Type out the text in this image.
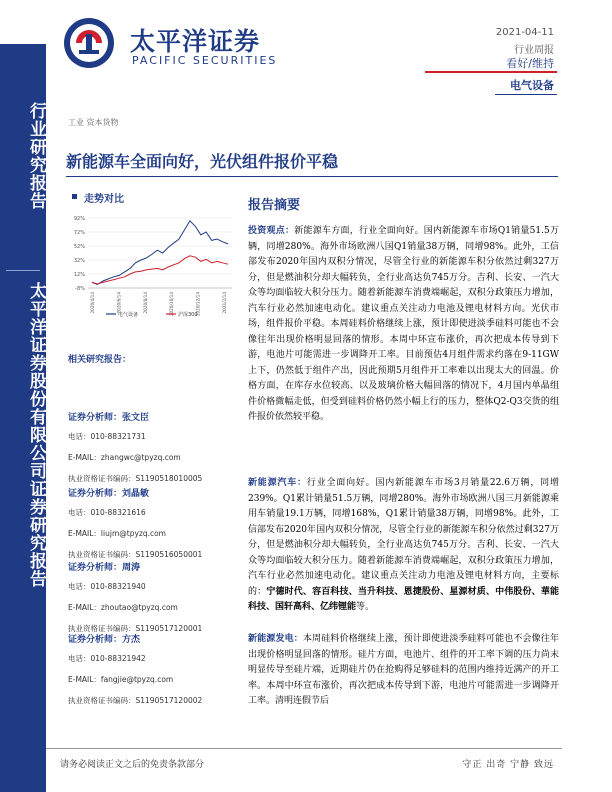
行业研究报告
太平洋证券股份有限公司证券研究报告
太平洋证券
PACIFIC SECURITIES
2021-04-11
行业周报
看好/维持
电气设备
工业 资本货物
新能源车全面向好，光伏组件报价平稳
走势对比
92%
72%
52%
32%
12%
-8%
2020/4/14	2020/6/14	2020/8/14	2020/10/14	2020/12/14	2021/2/14
电气设备	沪深300
相关研究报告：
证券分析师：张文臣
电话：010-88321731
E-MAIL：zhangwc@tpyzq.com
执业资格证书编码：S1190518010005
证券分析师：刘晶敏
电话：010-88321616
E-MAIL：liujm@tpyzq.com
执业资格证书编码：S1190516050001
证券分析师：周涛
电话：010-88321940
E-MAIL：zhoutao@tpyzq.com
执业资格证书编码：S1190517120001
证券分析师：方杰
电话：010-88321942
E-MAIL：fangjie@tpyzq.com
执业资格证书编码：S1190517120002
报告摘要
投资观点：新能源车方面，行业全面向好。国内新能源车市场Q1销量51.5万辆，同增280%。海外市场欧洲八国Q1销量38万辆，同增98%。此外，工信部发布2020年国内双积分情况，尽管全行业的新能源车积分依然过剩327万分，但是燃油积分却大幅转负，全行业高达负745万分。吉利、长安、一汽大众等均面临较大积分压力。随着新能源车消费端崛起，双积分政策压力增加，汽车行业必然加速电动化。建议重点关注动力电池及锂电材料方向。光伏市场，组件报价平稳。本周硅料价格继续上涨，预计即使进淡季硅料可能也不会像往年出现价格明显回落的情形。本周中环宣布涨价，再次把成本传导到下游，电池片可能需进一步调降开工率。目前预估4月组件需求约落在9-11GW上下，仍然低于组件产出，因此预期5月组件开工率难以出现太大的回温。价格方面，在库存水位较高、以及玻璃价格大幅回落的情况下，4月国内单晶组件价格微幅走低，但受到硅料价格仍然小幅上行的压力，整体Q2-Q3交货的组件报价依然较平稳。
新能源汽车：行业全面向好。国内新能源车市场3月销量22.6万辆，同增239%。Q1累计销量51.5万辆，同增280%。海外市场欧洲八国三月新能源乘用车销量19.1万辆，同增168%，Q1累计销量38万辆，同增98%。此外，工信部发布2020年国内双积分情况，尽管全行业的新能源车积分依然过剩327万分，但是燃油积分却大幅转负，全行业高达负745万分。吉利、长安、一汽大众等均面临较大积分压力。随着新能源车消费端崛起，双积分政策压力增加，汽车行业必然加速电动化。建议重点关注动力电池及锂电材料方向，主要标的：宁德时代、容百科技、当升科技、恩捷股份、星源材质、中伟股份、華能科技、国轩高科、亿纬锂能等。
新能源发电：本周硅料价格继续上涨，预计即使进淡季硅料可能也不会像往年出现价格明显回落的情形。硅片方面，电池片、组件的开工率下调的压力尚未明显传导至硅片端，近期硅片仍在抢购得足够硅料的范围内维持近满产的开工率。本周中环宣布涨价，再次把成本传导到下游，电池片可能需进一步调降开工率。清明连假节后
请务必阅读正文之后的免责条款部分	守正 出奇 宁静 致远
